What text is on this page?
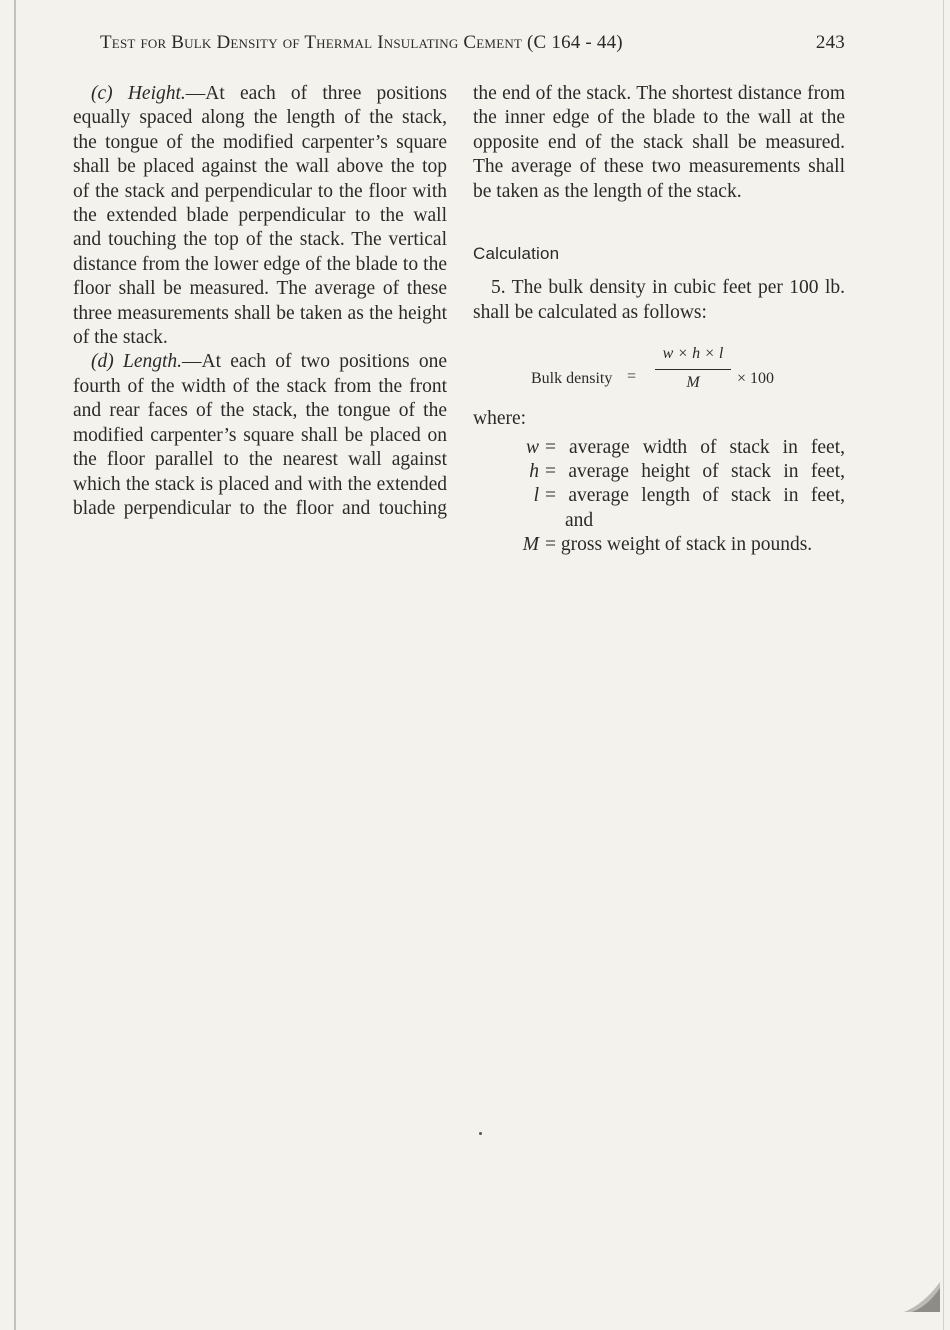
Test for Bulk Density of Thermal Insulating Cement (C 164 - 44)	243

(c) Height.—At each of three positions equally spaced along the length of the stack, the tongue of the modified carpenter’s square shall be placed against the wall above the top of the stack and perpendicular to the floor with the extended blade perpendicular to the wall and touching the top of the stack. The vertical distance from the lower edge of the blade to the floor shall be measured. The average of these three measurements shall be taken as the height of the stack.

(d) Length.—At each of two positions one fourth of the width of the stack from the front and rear faces of the stack, the tongue of the modified carpenter’s square shall be placed on the floor parallel to the nearest wall against which the stack is placed and with the extended blade perpendicular to the floor and touching

the end of the stack. The shortest distance from the inner edge of the blade to the wall at the opposite end of the stack shall be measured. The average of these two measurements shall be taken as the length of the stack.

Calculation

5. The bulk density in cubic feet per 100 lb. shall be calculated as follows:

Bulk density =
w × h × l
M	× 100

where:

w = average width of stack in feet,
h = average height of stack in feet,
l = average length of stack in feet,
and
M = gross weight of stack in pounds.
